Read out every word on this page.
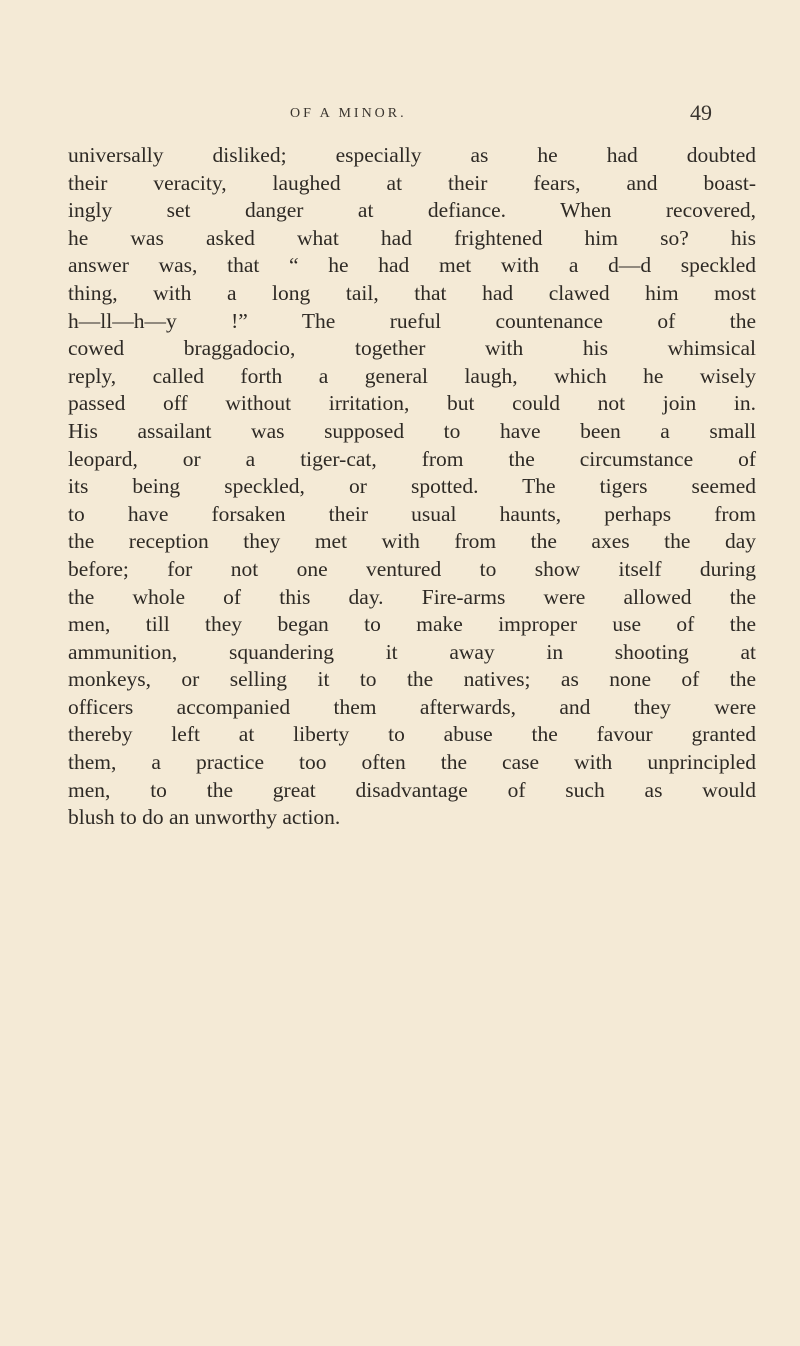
OF A MINOR.	49
universally disliked; especially as he had doubted
their veracity, laughed at their fears, and boast-
ingly set danger at defiance. When recovered,
he was asked what had frightened him so? his
answer was, that “ he had met with a d—d speckled
thing, with a long tail, that had clawed him most
h—ll—h—y !” The rueful countenance of the
cowed braggadocio, together with his whimsical
reply, called forth a general laugh, which he wisely
passed off without irritation, but could not join in.
His assailant was supposed to have been a small
leopard, or a tiger-cat, from the circumstance of
its being speckled, or spotted. The tigers seemed
to have forsaken their usual haunts, perhaps from
the reception they met with from the axes the day
before; for not one ventured to show itself during
the whole of this day. Fire-arms were allowed the
men, till they began to make improper use of the
ammunition, squandering it away in shooting at
monkeys, or selling it to the natives; as none of the
officers accompanied them afterwards, and they were
thereby left at liberty to abuse the favour granted
them, a practice too often the case with unprincipled
men, to the great disadvantage of such as would
blush to do an unworthy action.
